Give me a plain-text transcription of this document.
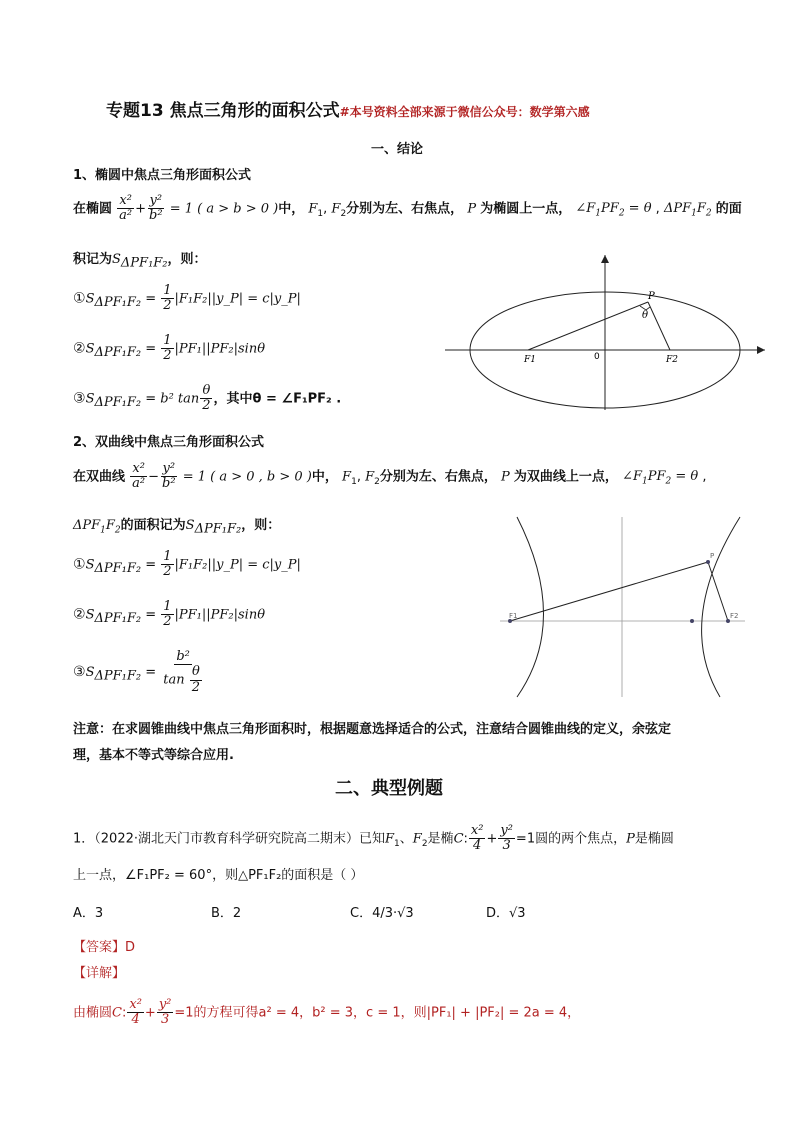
专题13 焦点三角形的面积公式#本号资料全部来源于微信公众号：数学第六感
一、结论
1、椭圆中焦点三角形面积公式
在椭圆 $\frac{\text{x²}}{\text{a²}} + \frac{\text{y²}}{\text{b²}} = 1$ ( a > b > 0 )中， $F_1$, $F_2$分别为左、右焦点， P 为椭圆上一点， $\angle F_1PF_2 = \theta$ , $\Delta PF_1F_2$ 的面
积记为$S_{\Delta PF_1F_2}$，则：
$①S_{\Delta PF_1F_2} = \frac{1}{2}$ |F₁F₂||y_P| = c|y_P|
$②S_{\Delta PF_1F_2} = \frac{1}{2} |PF_1||PF_2|\sin\theta$
$③S_{\Delta PF_1F_2} = b^2$ $\tan \frac{\theta}{2}$ ，其中θ = ∠F₁PF₂ .
P
θ
F1	0	F2
2、双曲线中焦点三角形面积公式
在双曲线 $\frac{\text{x²}}{\text{a²}} - \frac{\text{y²}}{\text{b²}} = 1$ ( a > 0 , b > 0 )中， $F_1$, $F_2$分别为左、右焦点， P 为双曲线上一点， $\angle F_1PF_2 = \theta$ ,
$\Delta PF_1F_2$的面积记为$S_{\Delta PF_1F_2}$，则：
$①S_{\Delta PF_1F_2} = \frac{1}{2}$ |F₁F₂||y_P| = c|y_P|
$②S_{\Delta PF_1F_2} = \frac{1}{2} |PF_1||PF_2|\sin\theta$
$③S_{\Delta PF_1F_2} = \frac{\text{b²}}{\tan \frac{\theta}{2}}$
P
F1	F2
注意：在求圆锥曲线中焦点三角形面积时，根据题意选择适合的公式，注意结合圆锥曲线的定义，余弦定
理，基本不等式等综合应用.
二、典型例题
1．（2022·湖北天门市教育科学研究院高二期末）已知$F_1$、$F_2$是椭C: $\frac{\text{x²}}{4} + \frac{\text{y²}}{3} =1$圆的两个焦点，P是椭圆
上一点，∠F₁PF₂ = 60°，则△PF₁F₂的面积是（ ）
A．3	B．2	C．4/3·√3	D．√3
【答案】D
【详解】
由椭圆C: $\frac{\text{x²}}{4} + \frac{\text{y²}}{3} =1$的方程可得a² = 4，b² = 3，c = 1，则|PF₁| + |PF₂| = 2a = 4，
